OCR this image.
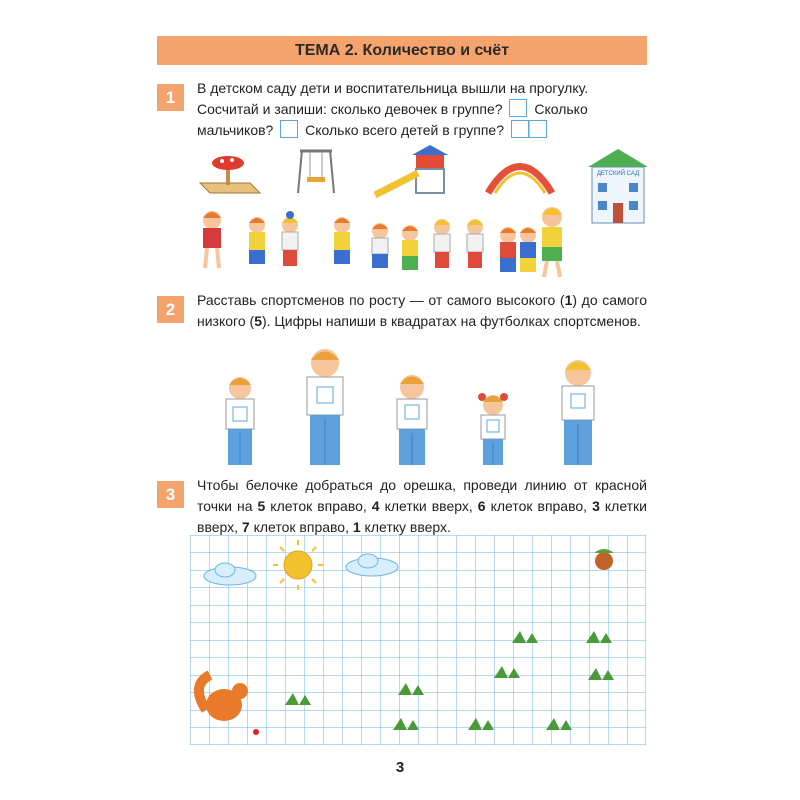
ТЕМА 2.
Количество и счёт
1	В детском саду дети и воспитательница вышли на прогулку.
Сосчитай и запиши: сколько девочек в группе? Сколько
мальчиков? Сколько всего детей в группе?
ДЕТСКИЙ САД
2	Расставь спортсменов по росту — от самого высокого (1) до самого низкого (5). Цифры напиши в квадратах на футболках спортсменов.
3	Чтобы белочке добраться до орешка, проведи линию от красной точки на 5 клеток вправо, 4 клетки вверх, 6 клеток вправо, 3 клетки вверх, 7 клеток вправо, 1 клетку вверх.
3
